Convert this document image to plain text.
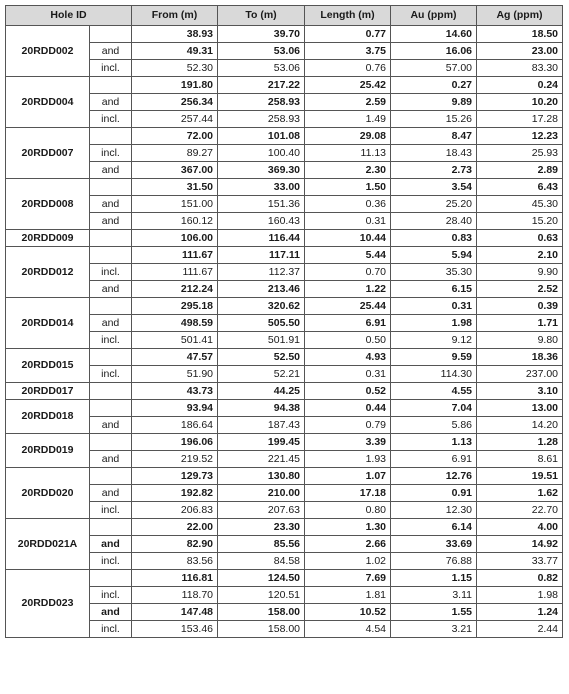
Hole ID		From (m)	To (m)	Length (m)	Au (ppm)	Ag (ppm)
20RDD002		38.93	39.70	0.77	14.60	18.50
	and	49.31	53.06	3.75	16.06	23.00
	incl.	52.30	53.06	0.76	57.00	83.30
20RDD004		191.80	217.22	25.42	0.27	0.24
	and	256.34	258.93	2.59	9.89	10.20
	incl.	257.44	258.93	1.49	15.26	17.28
20RDD007		72.00	101.08	29.08	8.47	12.23
	incl.	89.27	100.40	11.13	18.43	25.93
	and	367.00	369.30	2.30	2.73	2.89
20RDD008		31.50	33.00	1.50	3.54	6.43
	and	151.00	151.36	0.36	25.20	45.30
	and	160.12	160.43	0.31	28.40	15.20
20RDD009		106.00	116.44	10.44	0.83	0.63
20RDD012		111.67	117.11	5.44	5.94	2.10
	incl.	111.67	112.37	0.70	35.30	9.90
	and	212.24	213.46	1.22	6.15	2.52
20RDD014		295.18	320.62	25.44	0.31	0.39
	and	498.59	505.50	6.91	1.98	1.71
	incl.	501.41	501.91	0.50	9.12	9.80
20RDD015		47.57	52.50	4.93	9.59	18.36
	incl.	51.90	52.21	0.31	114.30	237.00
20RDD017		43.73	44.25	0.52	4.55	3.10
20RDD018		93.94	94.38	0.44	7.04	13.00
	and	186.64	187.43	0.79	5.86	14.20
20RDD019		196.06	199.45	3.39	1.13	1.28
	and	219.52	221.45	1.93	6.91	8.61
20RDD020		129.73	130.80	1.07	12.76	19.51
	and	192.82	210.00	17.18	0.91	1.62
	incl.	206.83	207.63	0.80	12.30	22.70
20RDD021A		22.00	23.30	1.30	6.14	4.00
	and	82.90	85.56	2.66	33.69	14.92
	incl.	83.56	84.58	1.02	76.88	33.77
20RDD023		116.81	124.50	7.69	1.15	0.82
	incl.	118.70	120.51	1.81	3.11	1.98
	and	147.48	158.00	10.52	1.55	1.24
	incl.	153.46	158.00	4.54	3.21	2.44
